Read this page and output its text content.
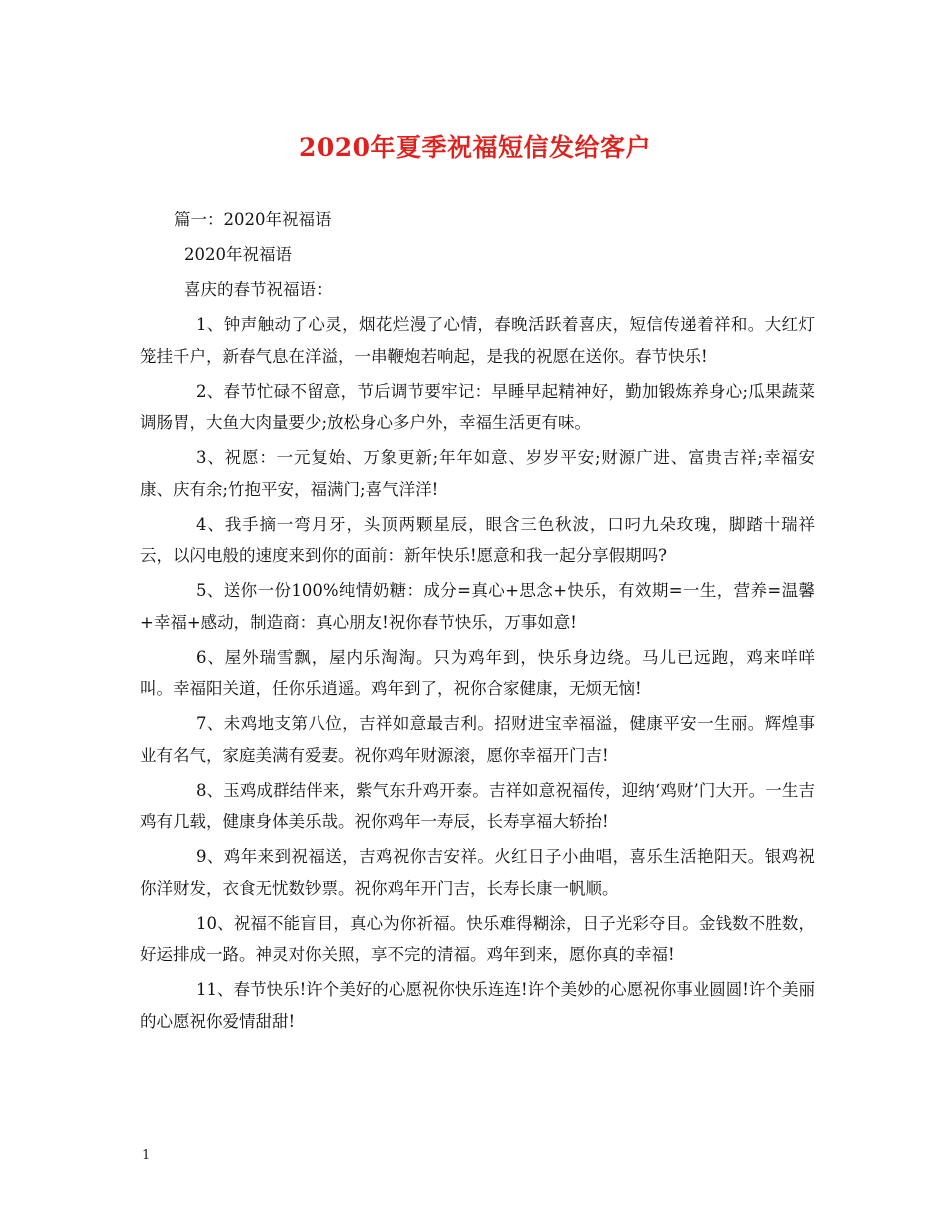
2020年夏季祝福短信发给客户

篇一：2020年祝福语

2020年祝福语

喜庆的春节祝福语：

1、钟声触动了心灵，烟花烂漫了心情，春晚活跃着喜庆，短信传递着祥和。大红灯笼挂千户，新春气息在洋溢，一串鞭炮若响起，是我的祝愿在送你。春节快乐!

2、春节忙碌不留意，节后调节要牢记：早睡早起精神好，勤加锻炼养身心;瓜果蔬菜调肠胃，大鱼大肉量要少;放松身心多户外，幸福生活更有味。

3、祝愿：一元复始、万象更新;年年如意、岁岁平安;财源广进、富贵吉祥;幸福安康、庆有余;竹抱平安，福满门;喜气洋洋!

4、我手摘一弯月牙，头顶两颗星辰，眼含三色秋波，口叼九朵玫瑰，脚踏十瑞祥云，以闪电般的速度来到你的面前：新年快乐!愿意和我一起分享假期吗?

5、送你一份100%纯情奶糖：成分=真心+思念+快乐，有效期=一生，营养=温馨+幸福+感动，制造商：真心朋友!祝你春节快乐，万事如意!

6、屋外瑞雪飘，屋内乐淘淘。只为鸡年到，快乐身边绕。马儿已远跑，鸡来咩咩叫。幸福阳关道，任你乐逍遥。鸡年到了，祝你合家健康，无烦无恼!

7、未鸡地支第八位，吉祥如意最吉利。招财进宝幸福溢，健康平安一生丽。辉煌事业有名气，家庭美满有爱妻。祝你鸡年财源滚，愿你幸福开门吉!

8、玉鸡成群结伴来，紫气东升鸡开泰。吉祥如意祝福传，迎纳‘鸡财’门大开。一生吉鸡有几载，健康身体美乐哉。祝你鸡年一寿辰，长寿享福大轿抬!

9、鸡年来到祝福送，吉鸡祝你吉安祥。火红日子小曲唱，喜乐生活艳阳天。银鸡祝你洋财发，衣食无忧数钞票。祝你鸡年开门吉，长寿长康一帆顺。

10、祝福不能盲目，真心为你祈福。快乐难得糊涂，日子光彩夺目。金钱数不胜数，好运排成一路。神灵对你关照，享不完的清福。鸡年到来，愿你真的幸福!

11、春节快乐!许个美好的心愿祝你快乐连连!许个美妙的心愿祝你事业圆圆!许个美丽的心愿祝你爱情甜甜!

1
